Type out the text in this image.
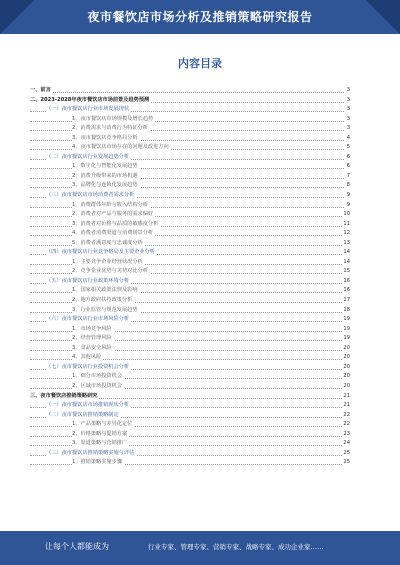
夜市餐饮店市场分析及推销策略研究报告
内容目录
一、前言	3
二、2023-2028年夜市餐饮店市场前景及趋势预测	3
（一）夜市餐饮店行业市场发展现状	3
1、夜市餐饮店市场规模及增长趋势	3
2、消费需求与消费行为特征分析	3
3、夜市餐饮店竞争格局分析	4
4、夜市餐饮店市场存在的问题及改进方向	5
（二）夜市餐饮店行业发展趋势分析	6
1、数字化与智能化发展趋势	6
2、消费升级带来的市场机遇	7
3、品牌化与连锁化发展趋势	8
（三）夜市餐饮店市场消费者需求分析	9
1、消费群体年龄与收入结构分析	9
2、消费者对产品与服务的需求偏好	10
3、消费者对价格与品质的敏感度分析	11
4、消费者消费渠道与消费场景分析	12
5、消费者满意度与忠诚度分析	13
（四）夜市餐饮店行业竞争格局及主要企业分析	14
1、主要竞争企业经营状况分析	14
2、竞争企业优势与劣势对比分析	15
（五）夜市餐饮店行业政策环境分析	16
1、国家相关政策法规及影响	16
2、地方政府扶持政策分析	17
3、行业监管与规范发展趋势	18
（六）夜市餐饮店行业市场风险分析	19
1、市场竞争风险	19
2、经营管理风险	19
3、食品安全风险	20
4、其他风险	20
（七）夜市餐饮店行业投资机会分析	20
1、细分市场投资机会	20
2、区域市场投资机会	20
三、夜市餐饮店推销策略研究	21
（一）夜市餐饮店市场推销现状分析	21
（二）夜市餐饮店推销策略制定	22
1、产品策略与差异化定位	22
2、价格策略与促销方案	23
3、渠道策略与营销推广	24
（三）夜市餐饮店推销策略实施与评估	25
1、推销策略实施步骤	25
让每个人都能成为	行业专家、管理专家、营销专家、战略专家、成功企业家……
